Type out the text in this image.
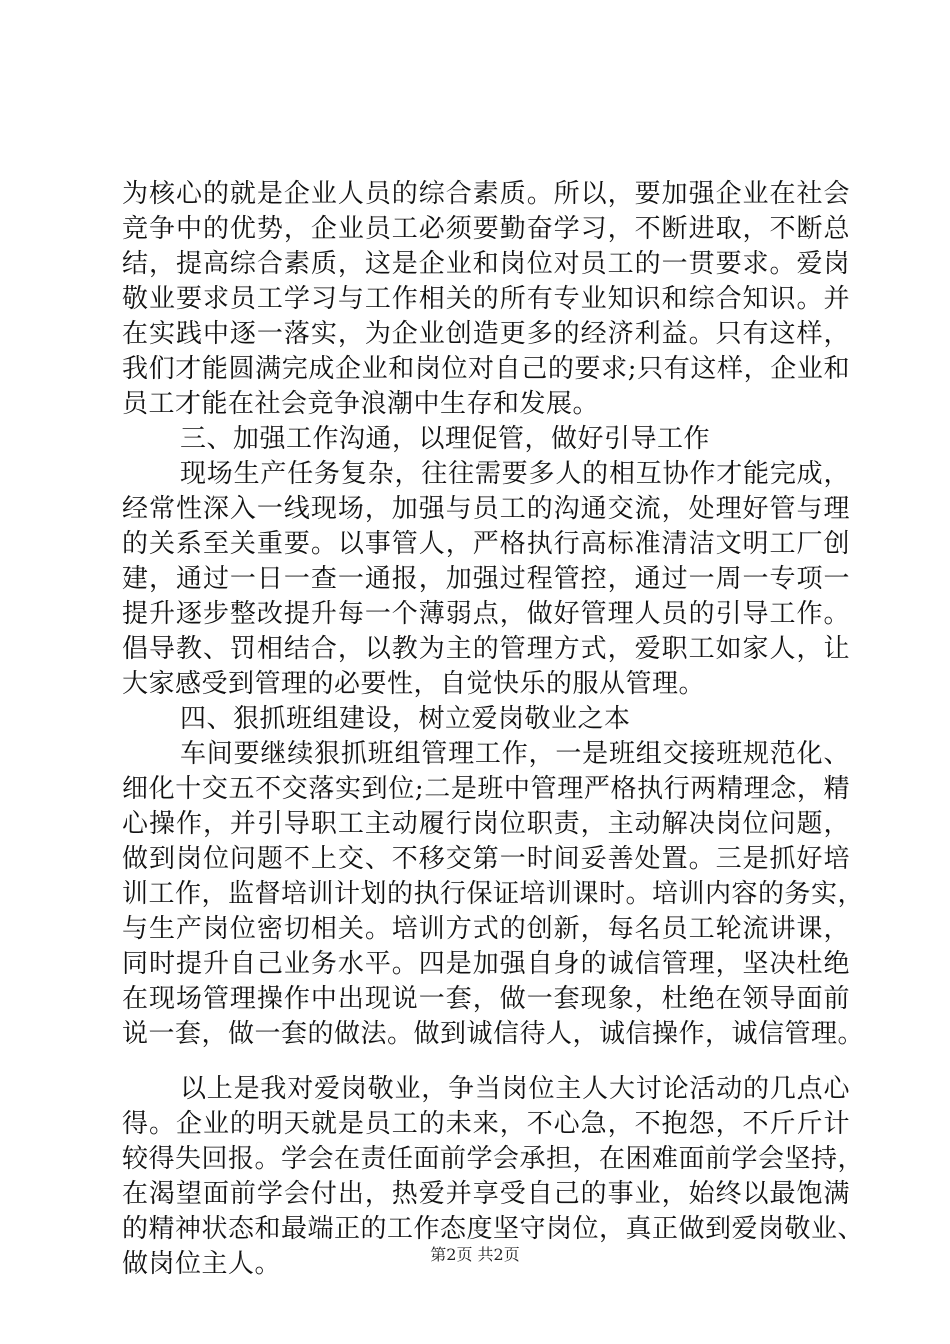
为核心的就是企业人员的综合素质。所以，要加强企业在社会
竞争中的优势，企业员工必须要勤奋学习，不断进取，不断总
结，提高综合素质，这是企业和岗位对员工的一贯要求。爱岗
敬业要求员工学习与工作相关的所有专业知识和综合知识。并
在实践中逐一落实，为企业创造更多的经济利益。只有这样，
我们才能圆满完成企业和岗位对自己的要求;只有这样，企业和
员工才能在社会竞争浪潮中生存和发展。
三、加强工作沟通，以理促管，做好引导工作
现场生产任务复杂，往往需要多人的相互协作才能完成，
经常性深入一线现场，加强与员工的沟通交流，处理好管与理
的关系至关重要。以事管人，严格执行高标准清洁文明工厂创
建，通过一日一查一通报，加强过程管控，通过一周一专项一
提升逐步整改提升每一个薄弱点，做好管理人员的引导工作。
倡导教、罚相结合，以教为主的管理方式，爱职工如家人，让
大家感受到管理的必要性，自觉快乐的服从管理。
四、狠抓班组建设，树立爱岗敬业之本
车间要继续狠抓班组管理工作，一是班组交接班规范化、
细化十交五不交落实到位;二是班中管理严格执行两精理念，精
心操作，并引导职工主动履行岗位职责，主动解决岗位问题，
做到岗位问题不上交、不移交第一时间妥善处置。三是抓好培
训工作，监督培训计划的执行保证培训课时。培训内容的务实，
与生产岗位密切相关。培训方式的创新，每名员工轮流讲课，
同时提升自己业务水平。四是加强自身的诚信管理，坚决杜绝
在现场管理操作中出现说一套，做一套现象，杜绝在领导面前
说一套，做一套的做法。做到诚信待人，诚信操作，诚信管理。
以上是我对爱岗敬业，争当岗位主人大讨论活动的几点心
得。企业的明天就是员工的未来，不心急，不抱怨，不斤斤计
较得失回报。学会在责任面前学会承担，在困难面前学会坚持，
在渴望面前学会付出，热爱并享受自己的事业，始终以最饱满
的精神状态和最端正的工作态度坚守岗位，真正做到爱岗敬业、
做岗位主人。	第2页 共2页
